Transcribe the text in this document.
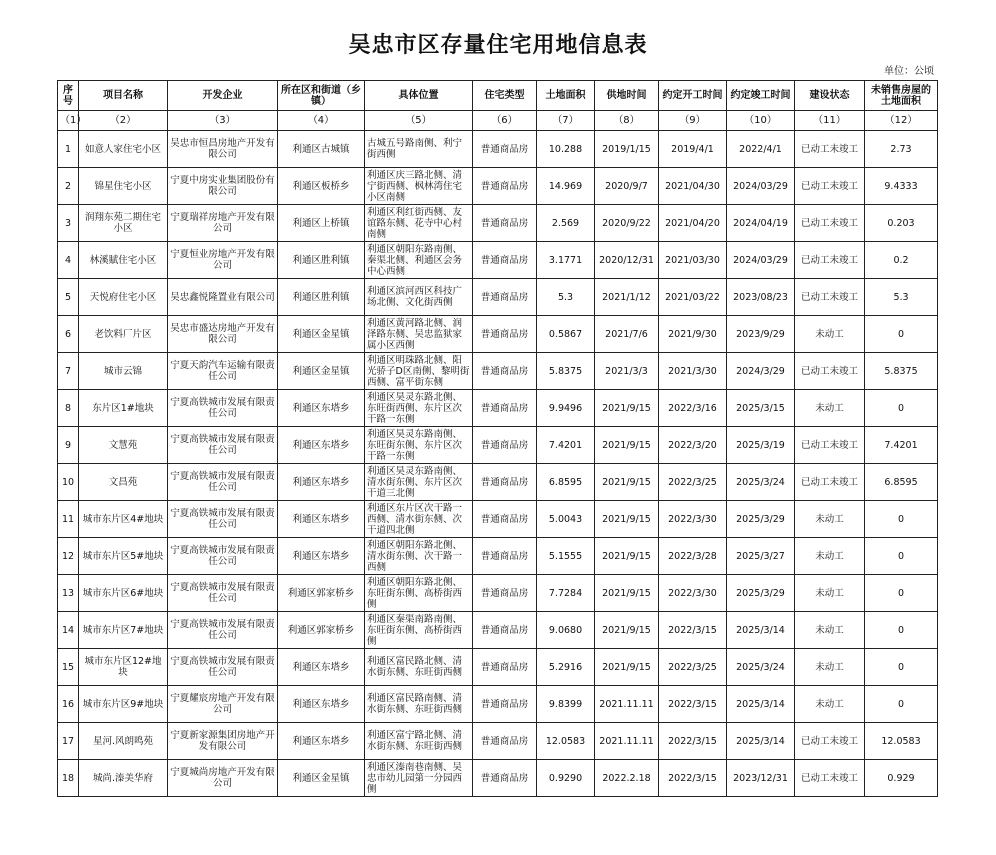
吴忠市区存量住宅用地信息表
单位：公顷
序号	项目名称	开发企业	所在区和街道（乡镇）	具体位置	住宅类型	土地面积	供地时间	约定开工时间	约定竣工时间	建设状态	未销售房屋的土地面积
（1）	（2）	（3）	（4）	（5）	（6）	（7）	（8）	（9）	（10）	（11）	（12）
1	如意人家住宅小区	吴忠市恒昌房地产开发有限公司	利通区古城镇	古城五号路南侧、利宁街西侧	普通商品房	10.288	2019/1/15	2019/4/1	2022/4/1	已动工未竣工	2.73
2	锦星住宅小区	宁夏中房实业集团股份有限公司	利通区板桥乡	利通区庆三路北侧、清宁街西侧、枫林湾住宅小区南侧	普通商品房	14.969	2020/9/7	2021/04/30	2024/03/29	已动工未竣工	9.4333
3	润翔东苑二期住宅小区	宁夏瑞祥房地产开发有限公司	利通区上桥镇	利通区利红街西侧、友谊路东侧、花寺中心村南侧	普通商品房	2.569	2020/9/22	2021/04/20	2024/04/19	已动工未竣工	0.203
4	林溪賦住宅小区	宁夏恒业房地产开发有限公司	利通区胜利镇	利通区朝阳东路南侧、秦渠北侧、利通区会务中心西侧	普通商品房	3.1771	2020/12/31	2021/03/30	2024/03/29	已动工未竣工	0.2
5	天悦府住宅小区	吴忠鑫悦隆置业有限公司	利通区胜利镇	利通区滨河西区科技广场北侧、文化街西侧	普通商品房	5.3	2021/1/12	2021/03/22	2023/08/23	已动工未竣工	5.3
6	老饮料厂片区	吴忠市盛达房地产开发有限公司	利通区金星镇	利通区黄河路北侧、润泽路东侧、吴忠监狱家属小区西侧	普通商品房	0.5867	2021/7/6	2021/9/30	2023/9/29	未动工	0
7	城市云锦	宁夏天韵汽车运输有限责任公司	利通区金星镇	利通区明珠路北侧、阳光骄子D区南侧、黎明街西侧、富平街东侧	普通商品房	5.8375	2021/3/3	2021/3/30	2024/3/29	已动工未竣工	5.8375
8	东片区1#地块	宁夏高铁城市发展有限责任公司	利通区东塔乡	利通区昊灵东路北侧、东旺街西侧、东片区次干路一东侧	普通商品房	9.9496	2021/9/15	2022/3/16	2025/3/15	未动工	0
9	文慧苑	宁夏高铁城市发展有限责任公司	利通区东塔乡	利通区昊灵东路南侧、东旺街东侧、东片区次干路一东侧	普通商品房	7.4201	2021/9/15	2022/3/20	2025/3/19	已动工未竣工	7.4201
10	文昌苑	宁夏高铁城市发展有限责任公司	利通区东塔乡	利通区昊灵东路南侧、清水街东侧、东片区次干道三北侧	普通商品房	6.8595	2021/9/15	2022/3/25	2025/3/24	已动工未竣工	6.8595
11	城市东片区4#地块	宁夏高铁城市发展有限责任公司	利通区东塔乡	利通区东片区次干路一西侧、清水街东侧、次干道四北侧	普通商品房	5.0043	2021/9/15	2022/3/30	2025/3/29	未动工	0
12	城市东片区5#地块	宁夏高铁城市发展有限责任公司	利通区东塔乡	利通区朝阳东路北侧、清水街东侧、次干路一西侧	普通商品房	5.1555	2021/9/15	2022/3/28	2025/3/27	未动工	0
13	城市东片区6#地块	宁夏高铁城市发展有限责任公司	利通区郭家桥乡	利通区朝阳东路北侧、东旺街东侧、高桥街西侧	普通商品房	7.7284	2021/9/15	2022/3/30	2025/3/29	未动工	0
14	城市东片区7#地块	宁夏高铁城市发展有限责任公司	利通区郭家桥乡	利通区秦渠南路南侧、东旺街东侧、高桥街西侧	普通商品房	9.0680	2021/9/15	2022/3/15	2025/3/14	未动工	0
15	城市东片区12#地块	宁夏高铁城市发展有限责任公司	利通区东塔乡	利通区富民路北侧、清水街东侧、东旺街西侧	普通商品房	5.2916	2021/9/15	2022/3/25	2025/3/24	未动工	0
16	城市东片区9#地块	宁夏耀宸房地产开发有限公司	利通区东塔乡	利通区富民路南侧、清水街东侧、东旺街西侧	普通商品房	9.8399	2021.11.11	2022/3/15	2025/3/14	未动工	0
17	星河.风朗鸣苑	宁夏新家源集团房地产开发有限公司	利通区东塔乡	利通区富宁路北侧、清水街东侧、东旺街西侧	普通商品房	12.0583	2021.11.11	2022/3/15	2025/3/14	已动工未竣工	12.0583
18	城尚.溱美华府	宁夏城尚房地产开发有限公司	利通区金星镇	利通区溱南巷南侧、吴忠市幼儿园第一分园西侧	普通商品房	0.9290	2022.2.18	2022/3/15	2023/12/31	已动工未竣工	0.929
